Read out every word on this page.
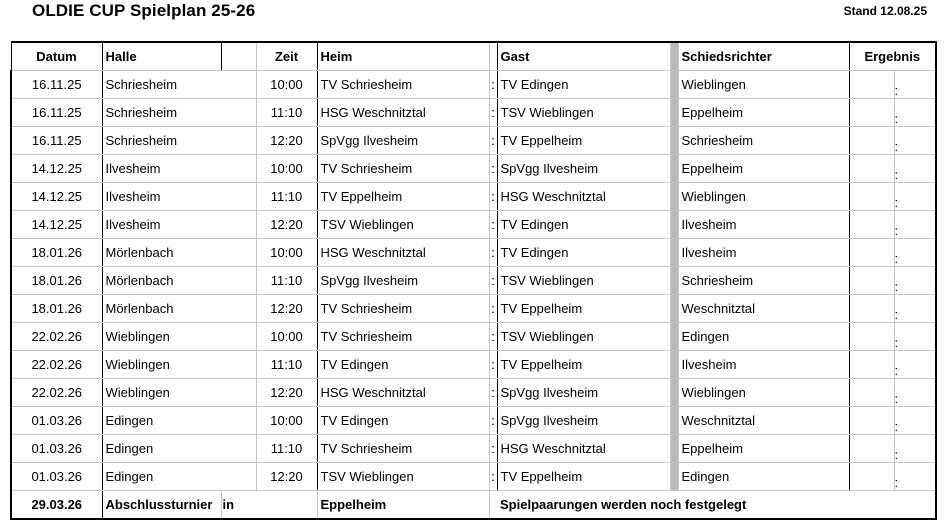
OLDIE CUP Spielplan 25-26	Stand 12.08.25
Datum	Halle		Zeit	Heim		Gast		Schiedsrichter	Ergebnis	
16.11.25	Schriesheim		10:00	TV Schriesheim	:	TV Edingen		Wieblingen		:
16.11.25	Schriesheim		11:10	HSG Weschnitztal	:	TSV Wieblingen		Eppelheim		:
16.11.25	Schriesheim		12:20	SpVgg Ilvesheim	:	TV Eppelheim		Schriesheim		:
14.12.25	Ilvesheim		10:00	TV Schriesheim	:	SpVgg Ilvesheim		Eppelheim		:
14.12.25	Ilvesheim		11:10	TV Eppelheim	:	HSG Weschnitztal		Wieblingen		:
14.12.25	Ilvesheim		12:20	TSV Wieblingen	:	TV Edingen		Ilvesheim		:
18.01.26	Mörlenbach		10:00	HSG Weschnitztal	:	TV Edingen		Ilvesheim		:
18.01.26	Mörlenbach		11:10	SpVgg Ilvesheim	:	TSV Wieblingen		Schriesheim		:
18.01.26	Mörlenbach		12:20	TV Schriesheim	:	TV Eppelheim		Weschnitztal		:
22.02.26	Wieblingen		10:00	TV Schriesheim	:	TSV Wieblingen		Edingen		:
22.02.26	Wieblingen		11:10	TV Edingen	:	TV Eppelheim		Ilvesheim		:
22.02.26	Wieblingen		12:20	HSG Weschnitztal	:	SpVgg Ilvesheim		Wieblingen		:
01.03.26	Edingen		10:00	TV Edingen	:	SpVgg Ilvesheim		Weschnitztal		:
01.03.26	Edingen		11:10	TV Schriesheim	:	HSG Weschnitztal		Eppelheim		:
01.03.26	Edingen		12:20	TSV Wieblingen	:	TV Eppelheim		Edingen		:
29.03.26	Abschlussturnier	in		Eppelheim		Spielpaarungen werden noch festgelegt				
